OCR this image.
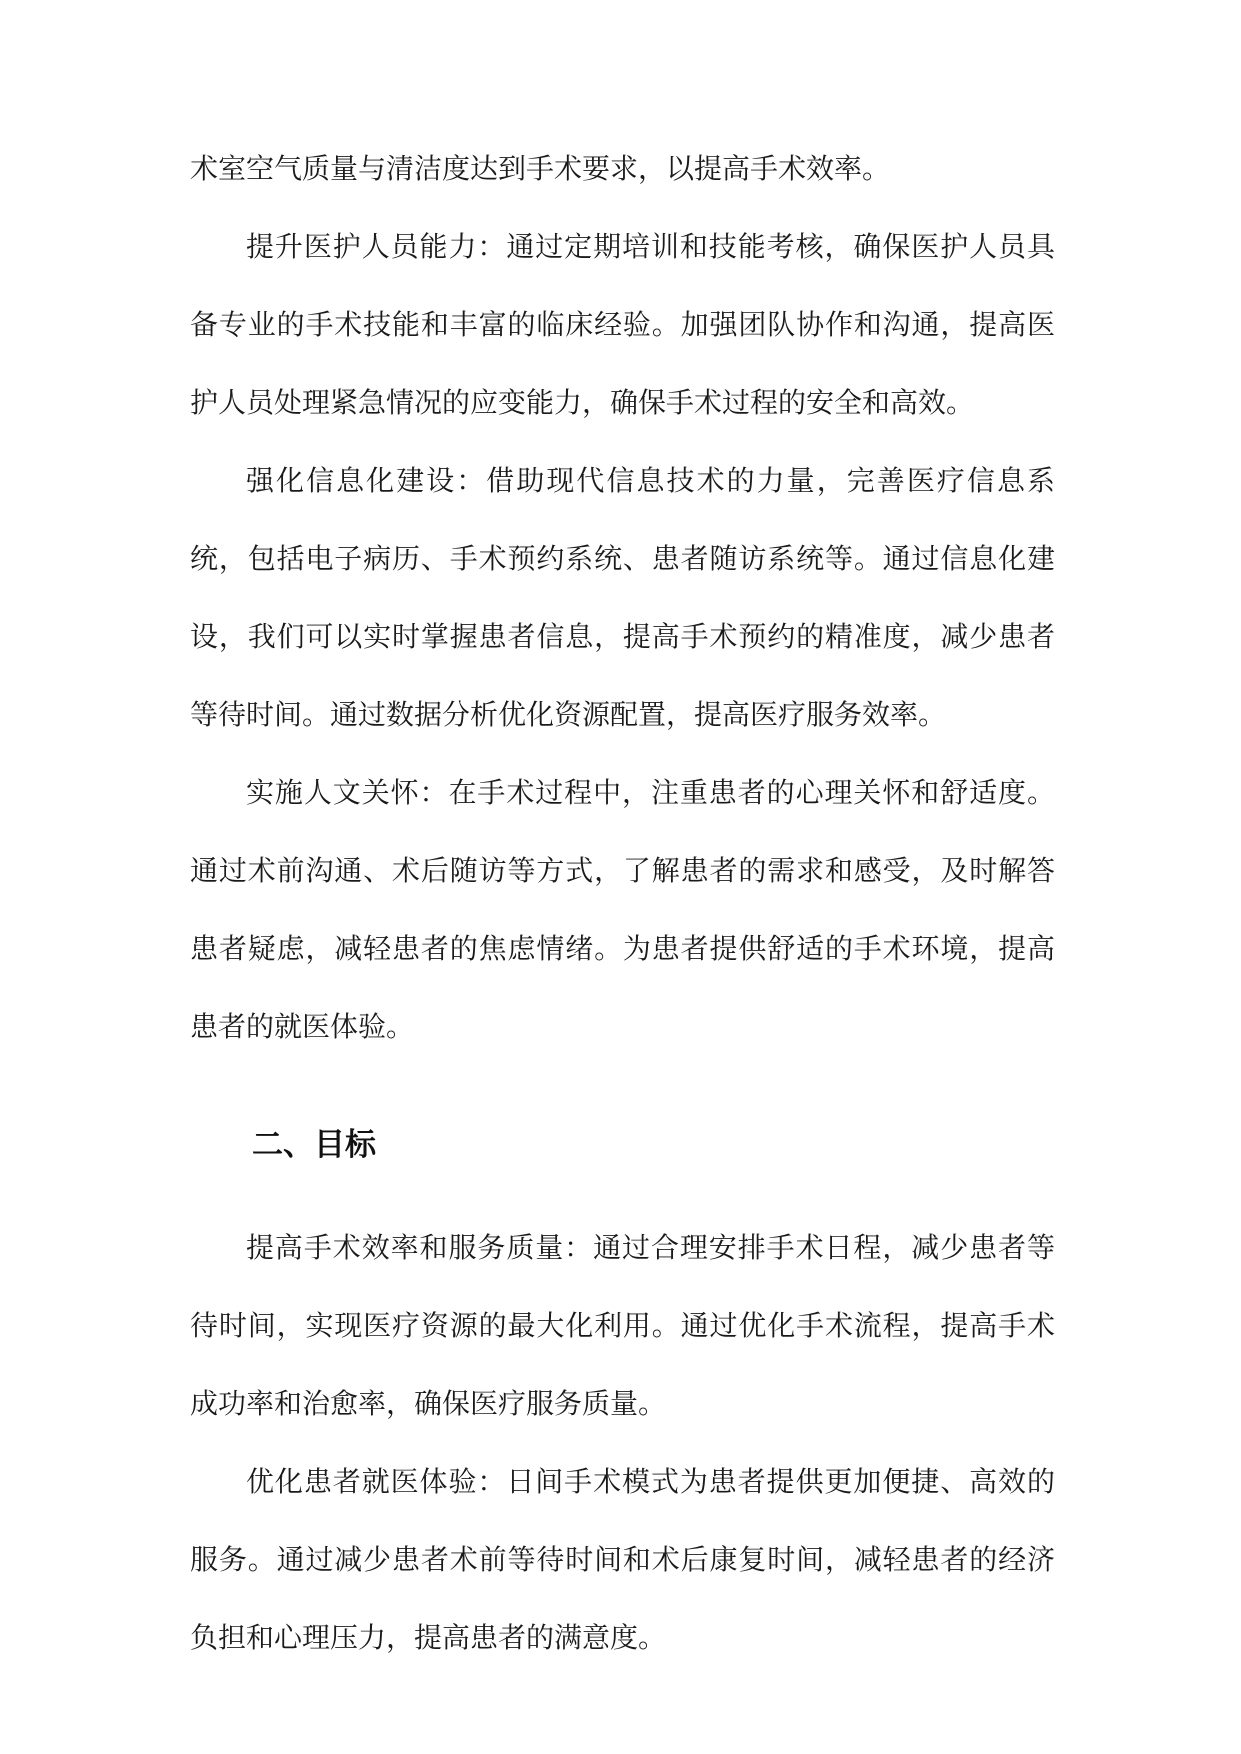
术室空气质量与清洁度达到手术要求，以提高手术效率。

提升医护人员能力：通过定期培训和技能考核，确保医护人员具备专业的手术技能和丰富的临床经验。加强团队协作和沟通，提高医护人员处理紧急情况的应变能力，确保手术过程的安全和高效。

强化信息化建设：借助现代信息技术的力量，完善医疗信息系统，包括电子病历、手术预约系统、患者随访系统等。通过信息化建设，我们可以实时掌握患者信息，提高手术预约的精准度，减少患者等待时间。通过数据分析优化资源配置，提高医疗服务效率。

实施人文关怀：在手术过程中，注重患者的心理关怀和舒适度。通过术前沟通、术后随访等方式，了解患者的需求和感受，及时解答患者疑虑，减轻患者的焦虑情绪。为患者提供舒适的手术环境，提高患者的就医体验。

二、目标

提高手术效率和服务质量：通过合理安排手术日程，减少患者等待时间，实现医疗资源的最大化利用。通过优化手术流程，提高手术成功率和治愈率，确保医疗服务质量。

优化患者就医体验：日间手术模式为患者提供更加便捷、高效的服务。通过减少患者术前等待时间和术后康复时间，减轻患者的经济负担和心理压力，提高患者的满意度。
